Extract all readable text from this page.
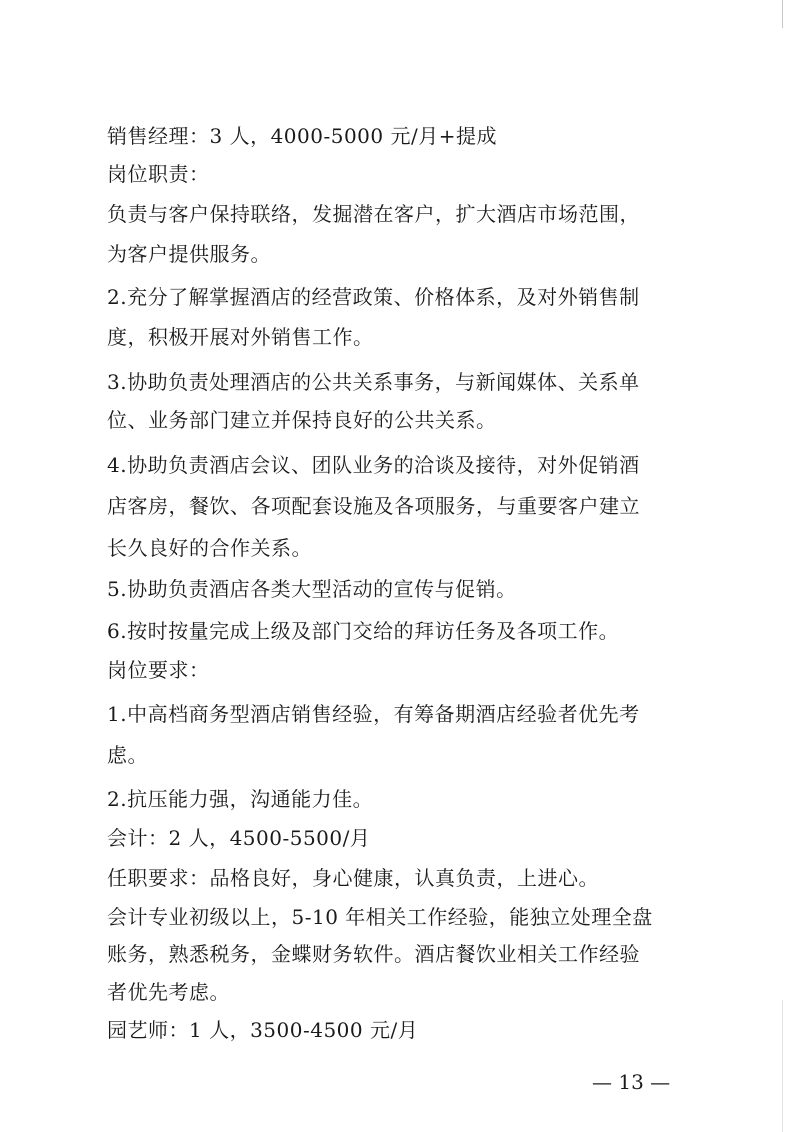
销售经理：3 人，4000-5000 元/月+提成
岗位职责：
负责与客户保持联络，发掘潜在客户，扩大酒店市场范围，
为客户提供服务。
2.充分了解掌握酒店的经营政策、价格体系，及对外销售制
度，积极开展对外销售工作。
3.协助负责处理酒店的公共关系事务，与新闻媒体、关系单
位、业务部门建立并保持良好的公共关系。
4.协助负责酒店会议、团队业务的洽谈及接待，对外促销酒
店客房，餐饮、各项配套设施及各项服务，与重要客户建立
长久良好的合作关系。
5.协助负责酒店各类大型活动的宣传与促销。
6.按时按量完成上级及部门交给的拜访任务及各项工作。
岗位要求：
1.中高档商务型酒店销售经验，有筹备期酒店经验者优先考
虑。
2.抗压能力强，沟通能力佳。
会计：2 人，4500-5500/月
任职要求：品格良好，身心健康，认真负责，上进心。
会计专业初级以上，5-10 年相关工作经验，能独立处理全盘
账务，熟悉税务，金蝶财务软件。酒店餐饮业相关工作经验
者优先考虑。
园艺师：1 人，3500-4500 元/月
— 13 —
